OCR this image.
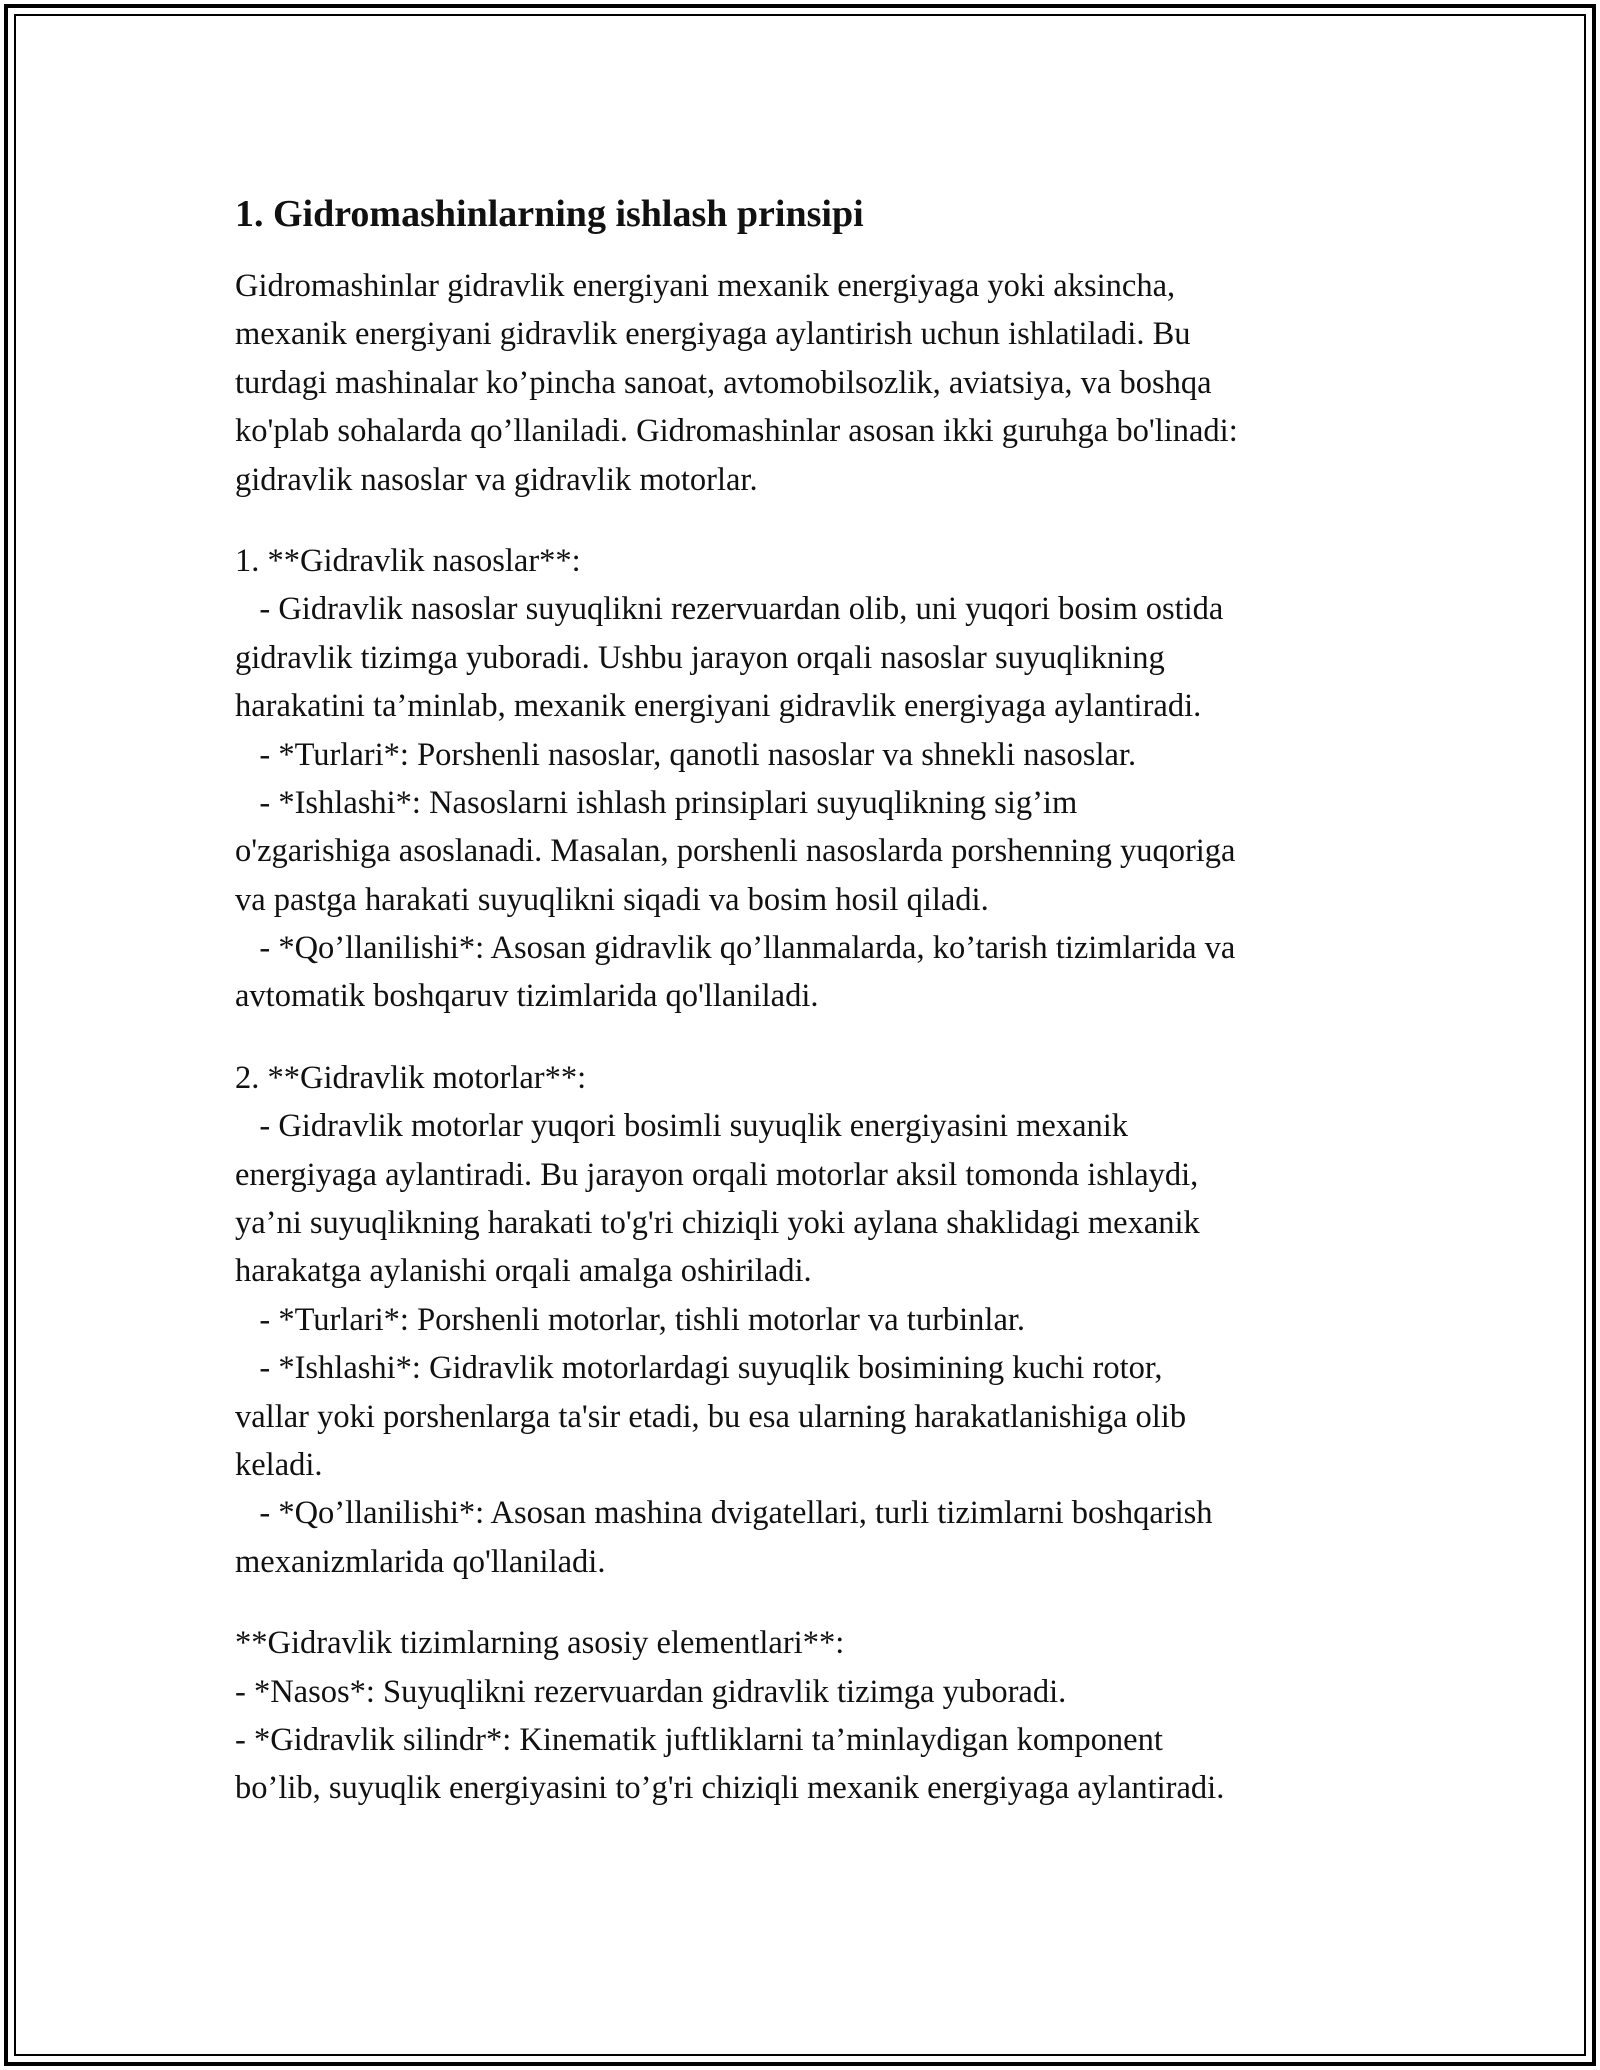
1. Gidromashinlarning ishlash prinsipi
Gidromashinlar gidravlik energiyani mexanik energiyaga yoki aksincha,
mexanik energiyani gidravlik energiyaga aylantirish uchun ishlatiladi. Bu
turdagi mashinalar ko’pincha sanoat, avtomobilsozlik, aviatsiya, va boshqa
ko'plab sohalarda qo’llaniladi. Gidromashinlar asosan ikki guruhga bo'linadi:
gidravlik nasoslar va gidravlik motorlar.
1. **Gidravlik nasoslar**:
- Gidravlik nasoslar suyuqlikni rezervuardan olib, uni yuqori bosim ostida
gidravlik tizimga yuboradi. Ushbu jarayon orqali nasoslar suyuqlikning
harakatini ta’minlab, mexanik energiyani gidravlik energiyaga aylantiradi.
- *Turlari*: Porshenli nasoslar, qanotli nasoslar va shnekli nasoslar.
- *Ishlashi*: Nasoslarni ishlash prinsiplari suyuqlikning sig’im
o'zgarishiga asoslanadi. Masalan, porshenli nasoslarda porshenning yuqoriga
va pastga harakati suyuqlikni siqadi va bosim hosil qiladi.
- *Qo’llanilishi*: Asosan gidravlik qo’llanmalarda, ko’tarish tizimlarida va
avtomatik boshqaruv tizimlarida qo'llaniladi.
2. **Gidravlik motorlar**:
- Gidravlik motorlar yuqori bosimli suyuqlik energiyasini mexanik
energiyaga aylantiradi. Bu jarayon orqali motorlar aksil tomonda ishlaydi,
ya’ni suyuqlikning harakati to'g'ri chiziqli yoki aylana shaklidagi mexanik
harakatga aylanishi orqali amalga oshiriladi.
- *Turlari*: Porshenli motorlar, tishli motorlar va turbinlar.
- *Ishlashi*: Gidravlik motorlardagi suyuqlik bosimining kuchi rotor,
vallar yoki porshenlarga ta'sir etadi, bu esa ularning harakatlanishiga olib
keladi.
- *Qo’llanilishi*: Asosan mashina dvigatellari, turli tizimlarni boshqarish
mexanizmlarida qo'llaniladi.
**Gidravlik tizimlarning asosiy elementlari**:
- *Nasos*: Suyuqlikni rezervuardan gidravlik tizimga yuboradi.
- *Gidravlik silindr*: Kinematik juftliklarni ta’minlaydigan komponent
bo’lib, suyuqlik energiyasini to’g'ri chiziqli mexanik energiyaga aylantiradi.
